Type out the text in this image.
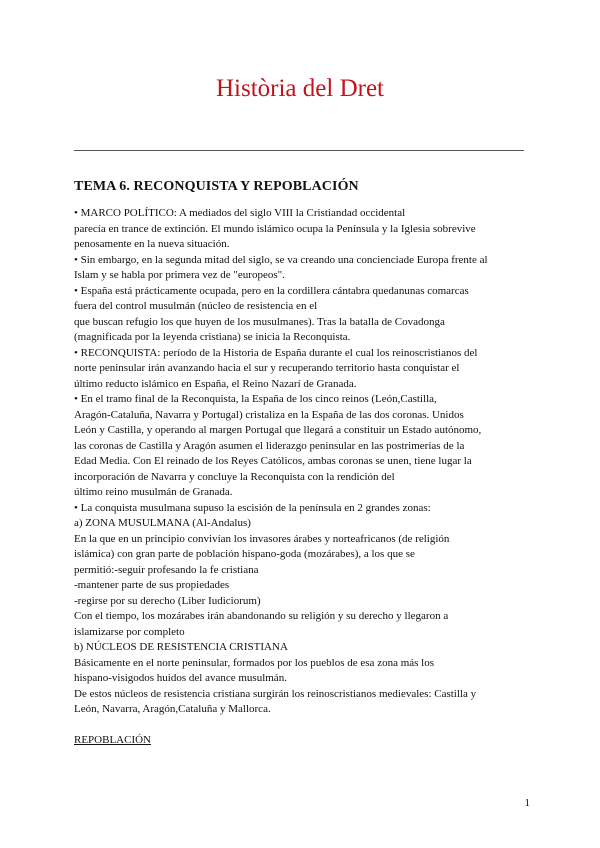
Història del Dret
TEMA 6. RECONQUISTA Y REPOBLACIÓN

• MARCO POLÍTICO: A mediados del siglo VIII la Cristiandad occidental

parecía en trance de extinción. El mundo islámico ocupa la Península y la Iglesia sobrevive

penosamente en la nueva situación.

• Sin embargo, en la segunda mitad del siglo, se va creando una concienciade Europa frente al

Islam y se habla por primera vez de "europeos".

• España está prácticamente ocupada, pero en la cordillera cántabra quedanunas comarcas

fuera del control musulmán (núcleo de resistencia en el

que buscan refugio los que huyen de los musulmanes). Tras la batalla de Covadonga

(magnificada por la leyenda cristiana) se inicia la Reconquista.

• RECONQUISTA: período de la Historia de España durante el cual los reinoscristianos del

norte peninsular irán avanzando hacia el sur y recuperando territorio hasta conquistar el

último reducto islámico en España, el Reino Nazarí de Granada.

• En el tramo final de la Reconquista, la España de los cinco reinos (León,Castilla,

Aragón-Cataluña, Navarra y Portugal) cristaliza en la España de las dos coronas. Unidos

León y Castilla, y operando al margen Portugal que llegará a constituir un Estado autónomo,

las coronas de Castilla y Aragón asumen el liderazgo peninsular en las postrimerías de la

Edad Media. Con El reinado de los Reyes Católicos, ambas coronas se unen, tiene lugar la

incorporación de Navarra y concluye la Reconquista con la rendición del

último reino musulmán de Granada.

• La conquista musulmana supuso la escisión de la península en 2 grandes zonas:

a) ZONA MUSULMANA (Al-Andalus)

En la que en un principio convivían los invasores árabes y norteafricanos (de religión

islámica) con gran parte de población hispano-goda (mozárabes), a los que se

permitió:-seguir profesando la fe cristiana

-mantener parte de sus propiedades

-regirse por su derecho (Liber Iudiciorum)

Con el tiempo, los mozárabes irán abandonando su religión y su derecho y llegaron a

islamizarse por completo

b) NÚCLEOS DE RESISTENCIA CRISTIANA

Básicamente en el norte peninsular, formados por los pueblos de esa zona más los

hispano-visigodos huidos del avance musulmán.

De estos núcleos de resistencia cristiana surgirán los reinoscristianos medievales: Castilla y

León, Navarra, Aragón,Cataluña y Mallorca.

REPOBLACIÓN

1
